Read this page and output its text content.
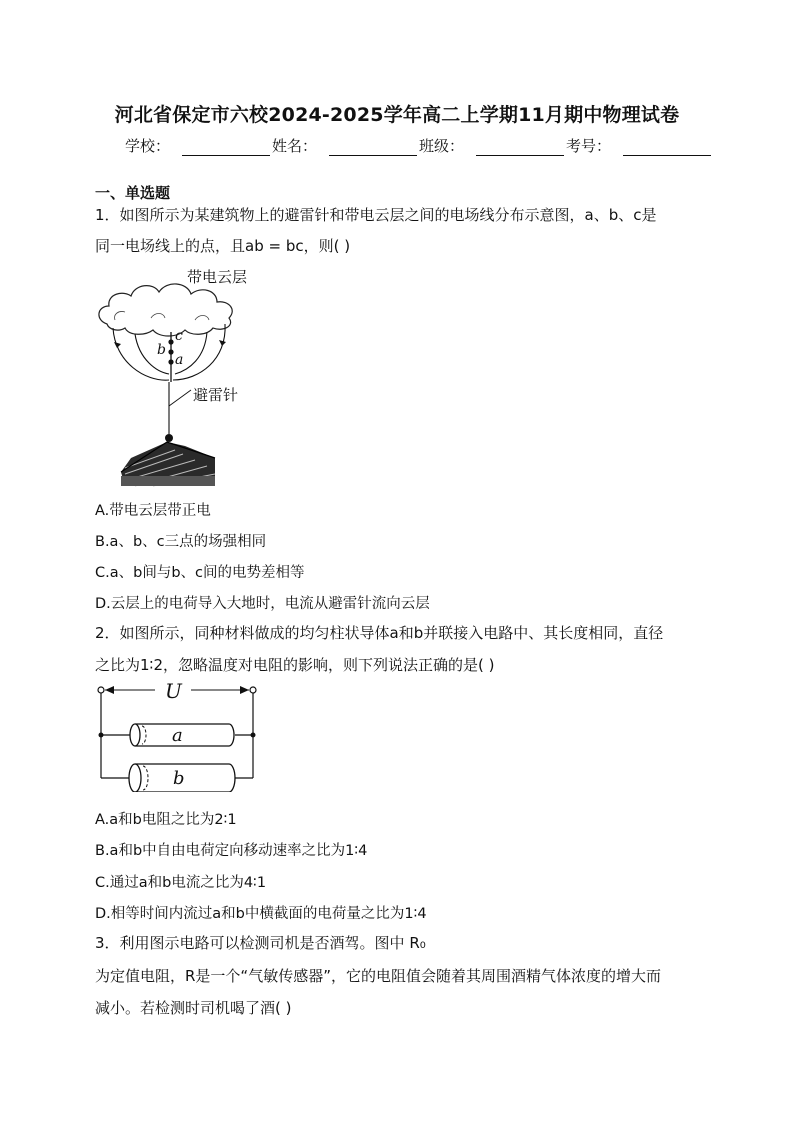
河北省保定市六校2024-2025学年高二上学期11月期中物理试卷
学校：	姓名：	班级：	考号：
一、单选题
1．如图所示为某建筑物上的避雷针和带电云层之间的电场线分布示意图，a、b、c是
同一电场线上的点，且ab = bc，则( )
带电云层
c
b
a
避雷针
A.带电云层带正电
B.a、b、c三点的场强相同
C.a、b间与b、c间的电势差相等
D.云层上的电荷导入大地时，电流从避雷针流向云层
2．如图所示，同种材料做成的均匀柱状导体a和b并联接入电路中、其长度相同，直径
之比为1∶2，忽略温度对电阻的影响，则下列说法正确的是( )
U
a
b
A.a和b电阻之比为2∶1
B.a和b中自由电荷定向移动速率之比为1∶4
C.通过a和b电流之比为4∶1
D.相等时间内流过a和b中横截面的电荷量之比为1∶4
3．利用图示电路可以检测司机是否酒驾。图中 R₀
为定值电阻，R是一个“气敏传感器”，它的电阻值会随着其周围酒精气体浓度的增大而
减小。若检测时司机喝了酒( )
